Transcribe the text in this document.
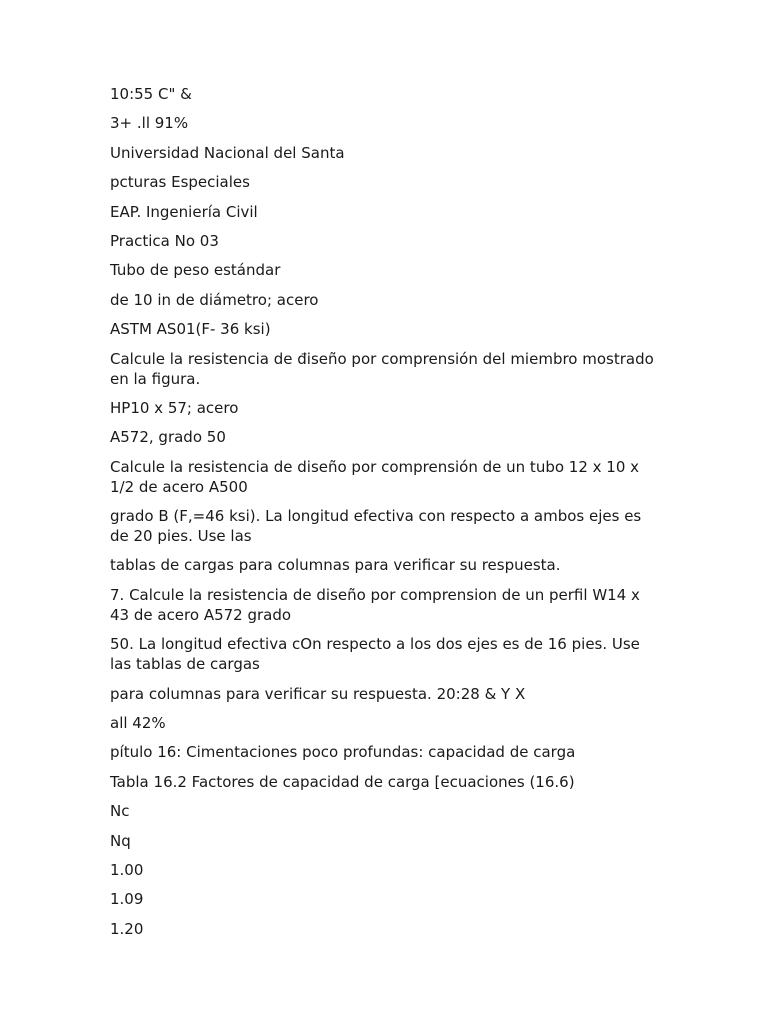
10:55 C" &

3+ .ll 91%

Universidad Nacional del Santa

pcturas Especiales

EAP. Ingeniería Civil

Practica No 03

Tubo de peso estándar

de 10 in de diámetro; acero

ASTM AS01(F- 36 ksi)

Calcule la resistencia de điseño por comprensión del miembro mostrado en la figura.

HP10 x 57; acero

A572, grado 50

Calcule la resistencia de diseño por comprensión de un tubo 12 x 10 x 1/2 de acero A500

grado B (F,=46 ksi). La longitud efectiva con respecto a ambos ejes es de 20 pies. Use las

tablas de cargas para columnas para verificar su respuesta.

7. Calcule la resistencia de diseño por comprension de un perfil W14 x 43 de acero A572 grado

50. La longitud efectiva cOn respecto a los dos ejes es de 16 pies. Use las tablas de cargas

para columnas para verificar su respuesta. 20:28 & Y X

all 42%

pítulo 16: Cimentaciones poco profundas: capacidad de carga

Tabla 16.2 Factores de capacidad de carga [ecuaciones (16.6)

Nc

Nq

1.00

1.09

1.20
